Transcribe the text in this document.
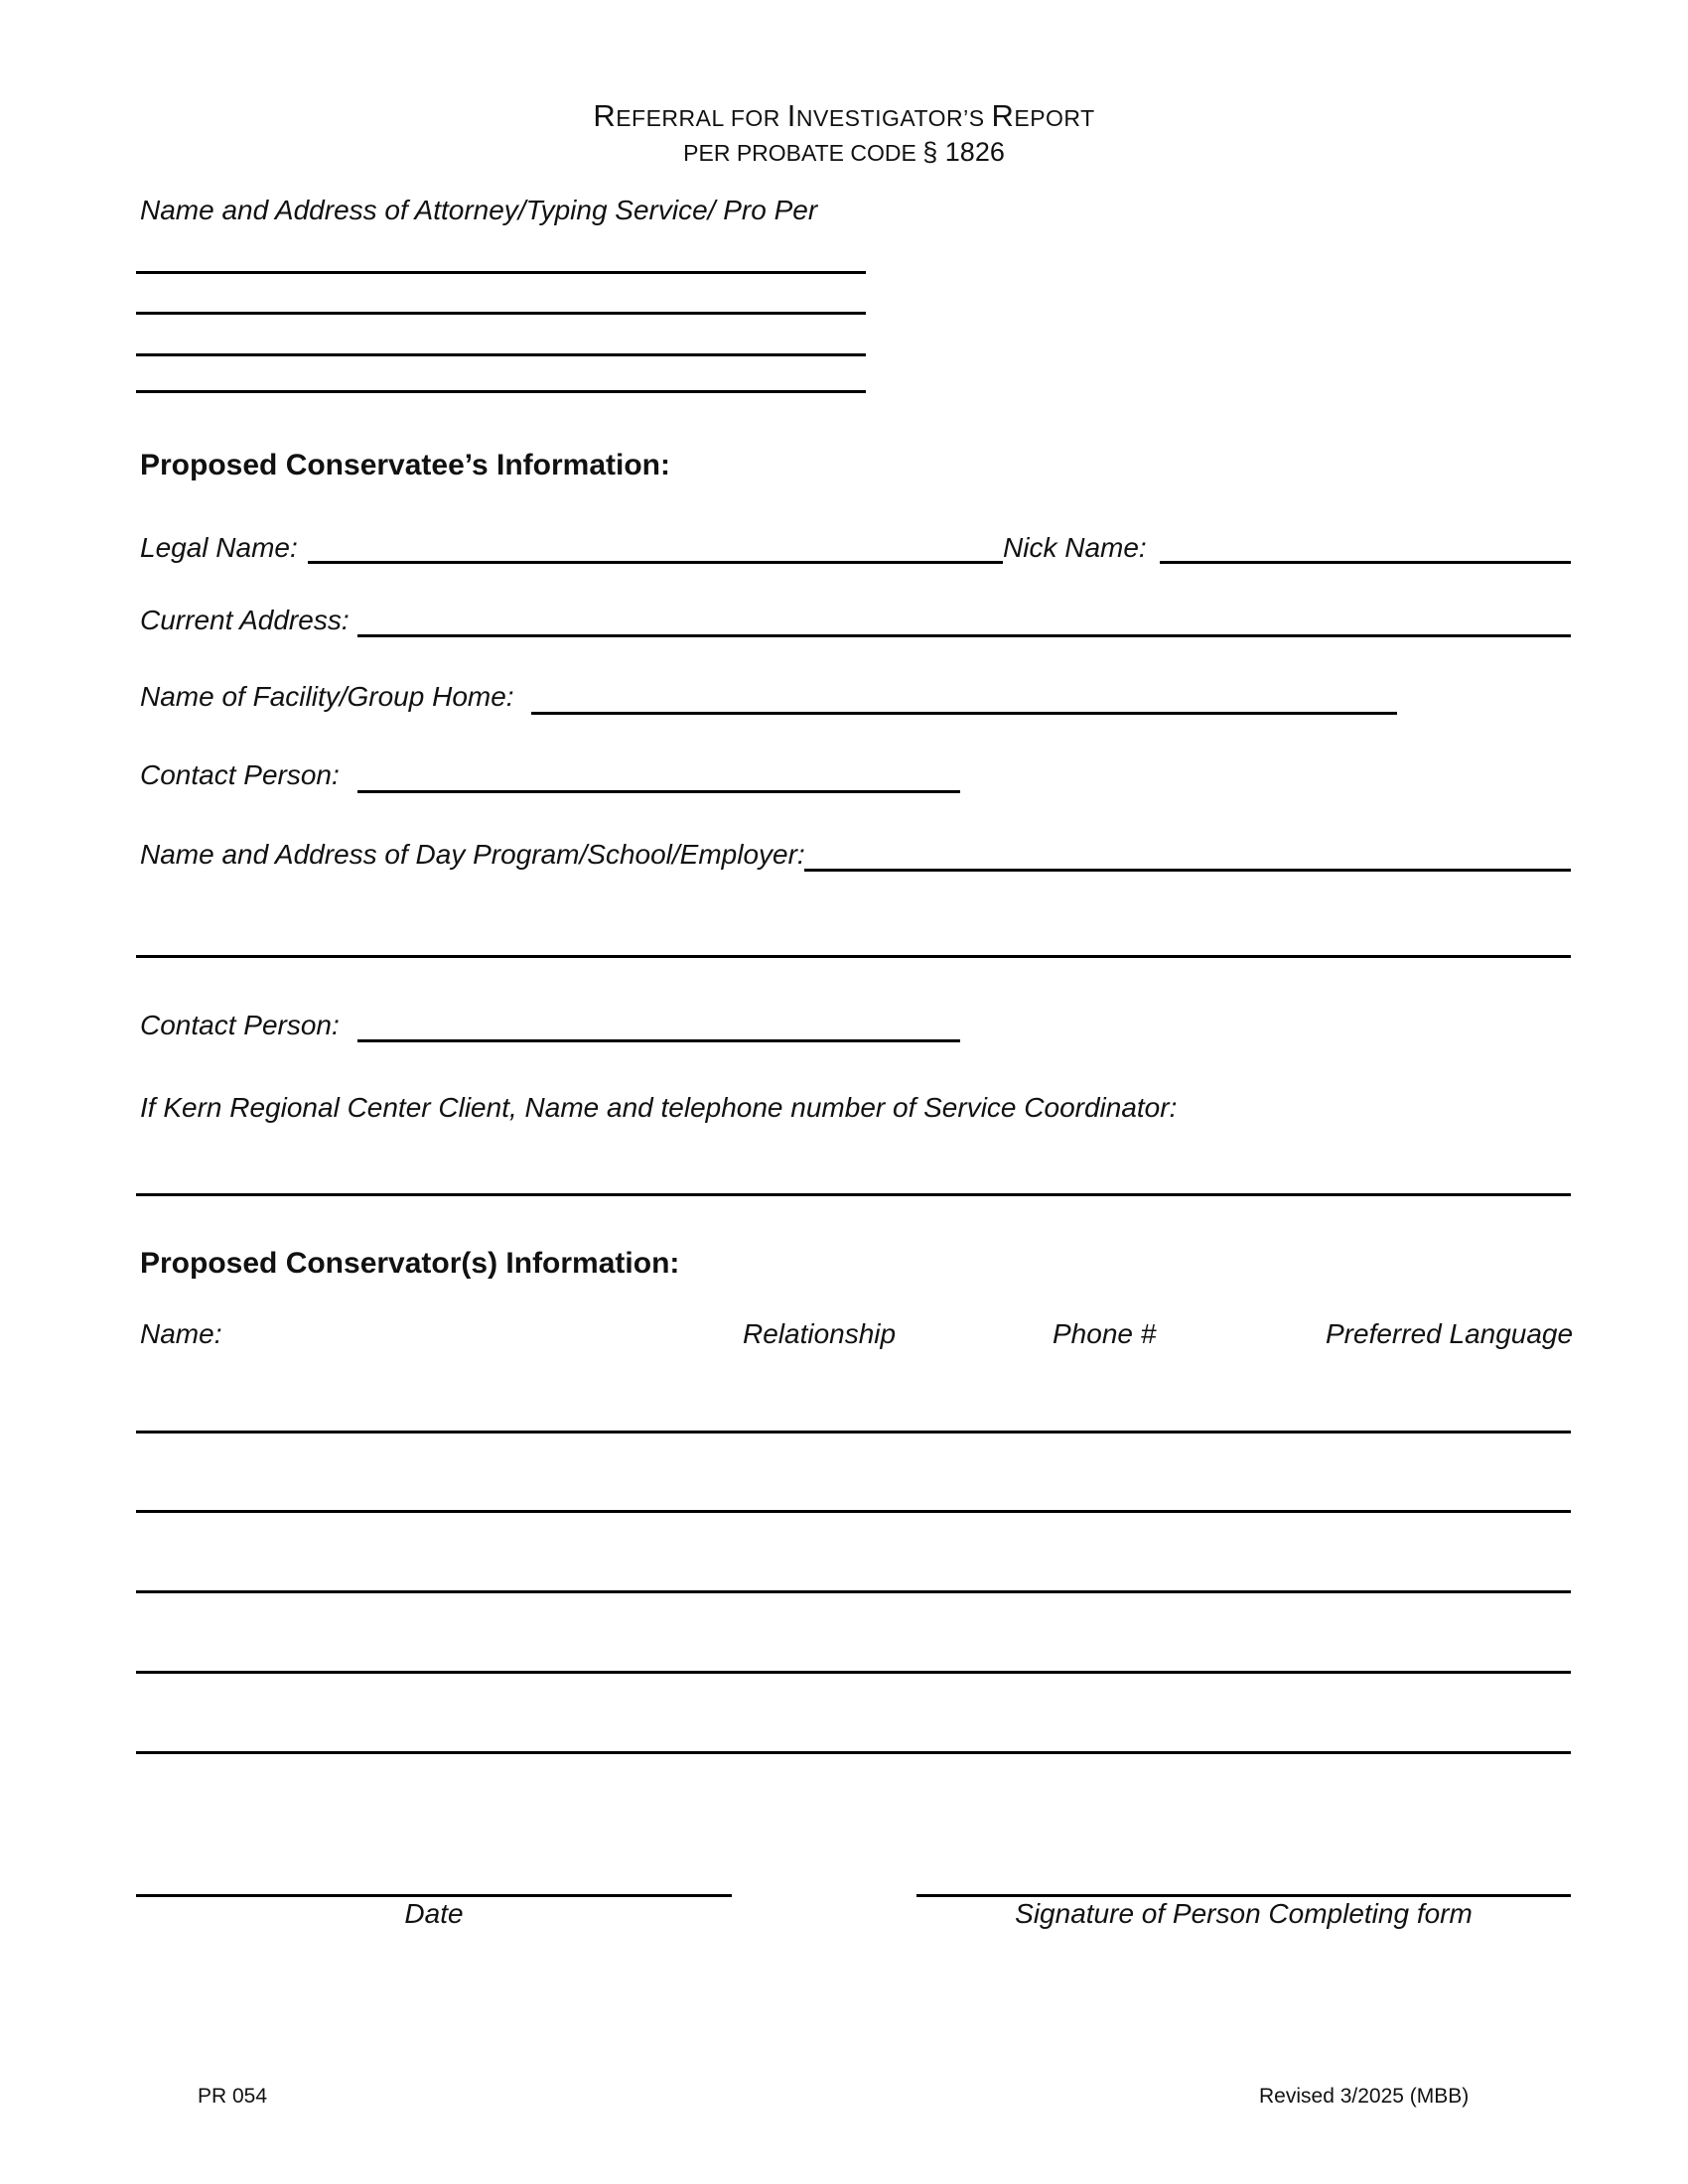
REFERRAL FOR INVESTIGATOR’S REPORT
PER PROBATE CODE § 1826
Name and Address of Attorney/Typing Service/ Pro Per
Proposed Conservatee’s Information:
Legal Name:	Nick Name:
Current Address:
Name of Facility/Group Home:
Contact Person:
Name and Address of Day Program/School/Employer:
Contact Person:
If Kern Regional Center Client, Name and telephone number of Service Coordinator:
Proposed Conservator(s) Information:
Name:	Relationship	Phone #	Preferred Language
Date	Signature of Person Completing form
PR 054	Revised 3/2025 (MBB)
